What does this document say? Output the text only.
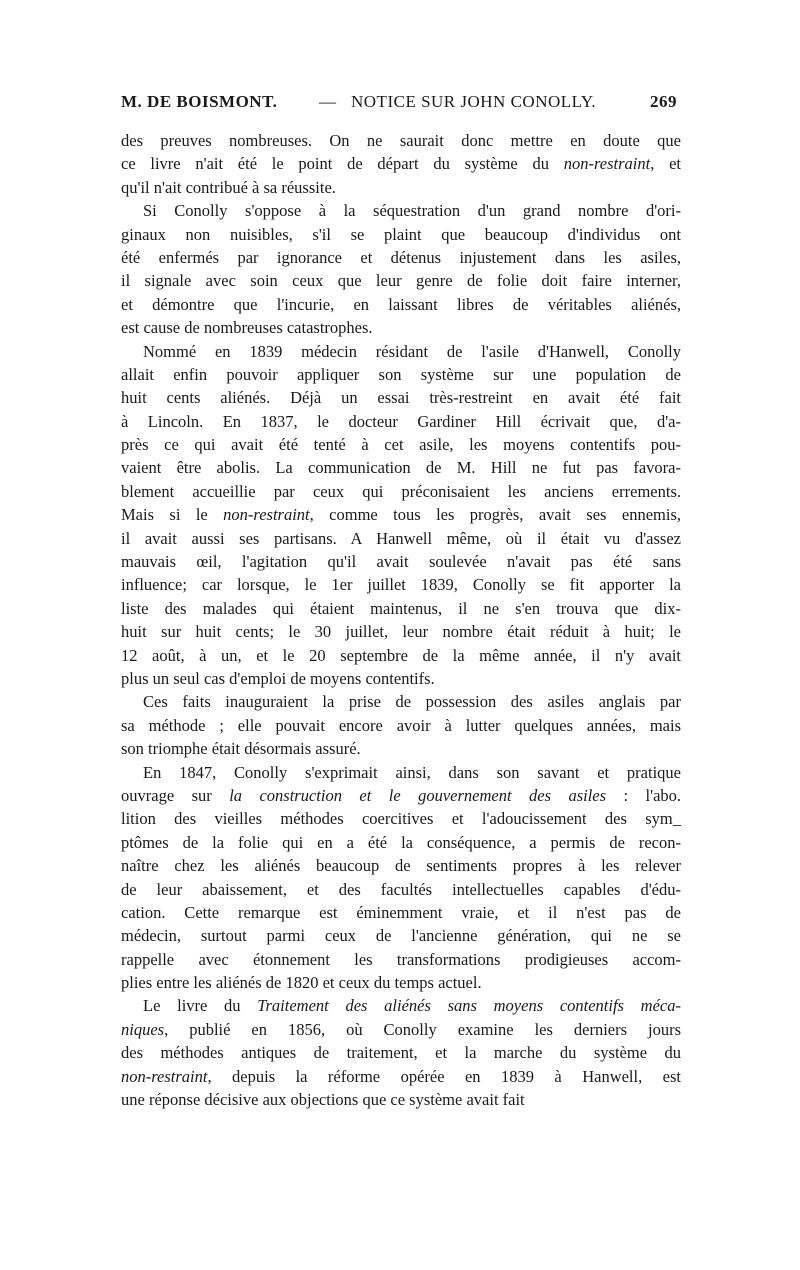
M. DE BOISMONT. — NOTICE SUR JOHN CONOLLY.	269
des preuves nombreuses. On ne saurait donc mettre en doute que
ce livre n'ait été le point de départ du système du non-restraint, et
qu'il n'ait contribué à sa réussite.
Si Conolly s'oppose à la séquestration d'un grand nombre d'ori-
ginaux non nuisibles, s'il se plaint que beaucoup d'individus ont
été enfermés par ignorance et détenus injustement dans les asiles,
il signale avec soin ceux que leur genre de folie doit faire interner,
et démontre que l'incurie, en laissant libres de véritables aliénés,
est cause de nombreuses catastrophes.
Nommé en 1839 médecin résidant de l'asile d'Hanwell, Conolly
allait enfin pouvoir appliquer son système sur une population de
huit cents aliénés. Déjà un essai très-restreint en avait été fait
à Lincoln. En 1837, le docteur Gardiner Hill écrivait que, d'a-
près ce qui avait été tenté à cet asile, les moyens contentifs pou-
vaient être abolis. La communication de M. Hill ne fut pas favora-
blement accueillie par ceux qui préconisaient les anciens errements.
Mais si le non-restraint, comme tous les progrès, avait ses ennemis,
il avait aussi ses partisans. A Hanwell même, où il était vu d'assez
mauvais œil, l'agitation qu'il avait soulevée n'avait pas été sans
influence; car lorsque, le 1er juillet 1839, Conolly se fit apporter la
liste des malades qui étaient maintenus, il ne s'en trouva que dix-
huit sur huit cents; le 30 juillet, leur nombre était réduit à huit; le
12 août, à un, et le 20 septembre de la même année, il n'y avait
plus un seul cas d'emploi de moyens contentifs.
Ces faits inauguraient la prise de possession des asiles anglais par
sa méthode ; elle pouvait encore avoir à lutter quelques années, mais
son triomphe était désormais assuré.
En 1847, Conolly s'exprimait ainsi, dans son savant et pratique
ouvrage sur la construction et le gouvernement des asiles : l'abo.
lition des vieilles méthodes coercitives et l'adoucissement des sym_
ptômes de la folie qui en a été la conséquence, a permis de recon-
naître chez les aliénés beaucoup de sentiments propres à les relever
de leur abaissement, et des facultés intellectuelles capables d'édu-
cation. Cette remarque est éminemment vraie, et il n'est pas de
médecin, surtout parmi ceux de l'ancienne génération, qui ne se
rappelle avec étonnement les transformations prodigieuses accom-
plies entre les aliénés de 1820 et ceux du temps actuel.
Le livre du Traitement des aliénés sans moyens contentifs méca-
niques, publié en 1856, où Conolly examine les derniers jours
des méthodes antiques de traitement, et la marche du système du
non-restraint, depuis la réforme opérée en 1839 à Hanwell, est
une réponse décisive aux objections que ce système avait fait
